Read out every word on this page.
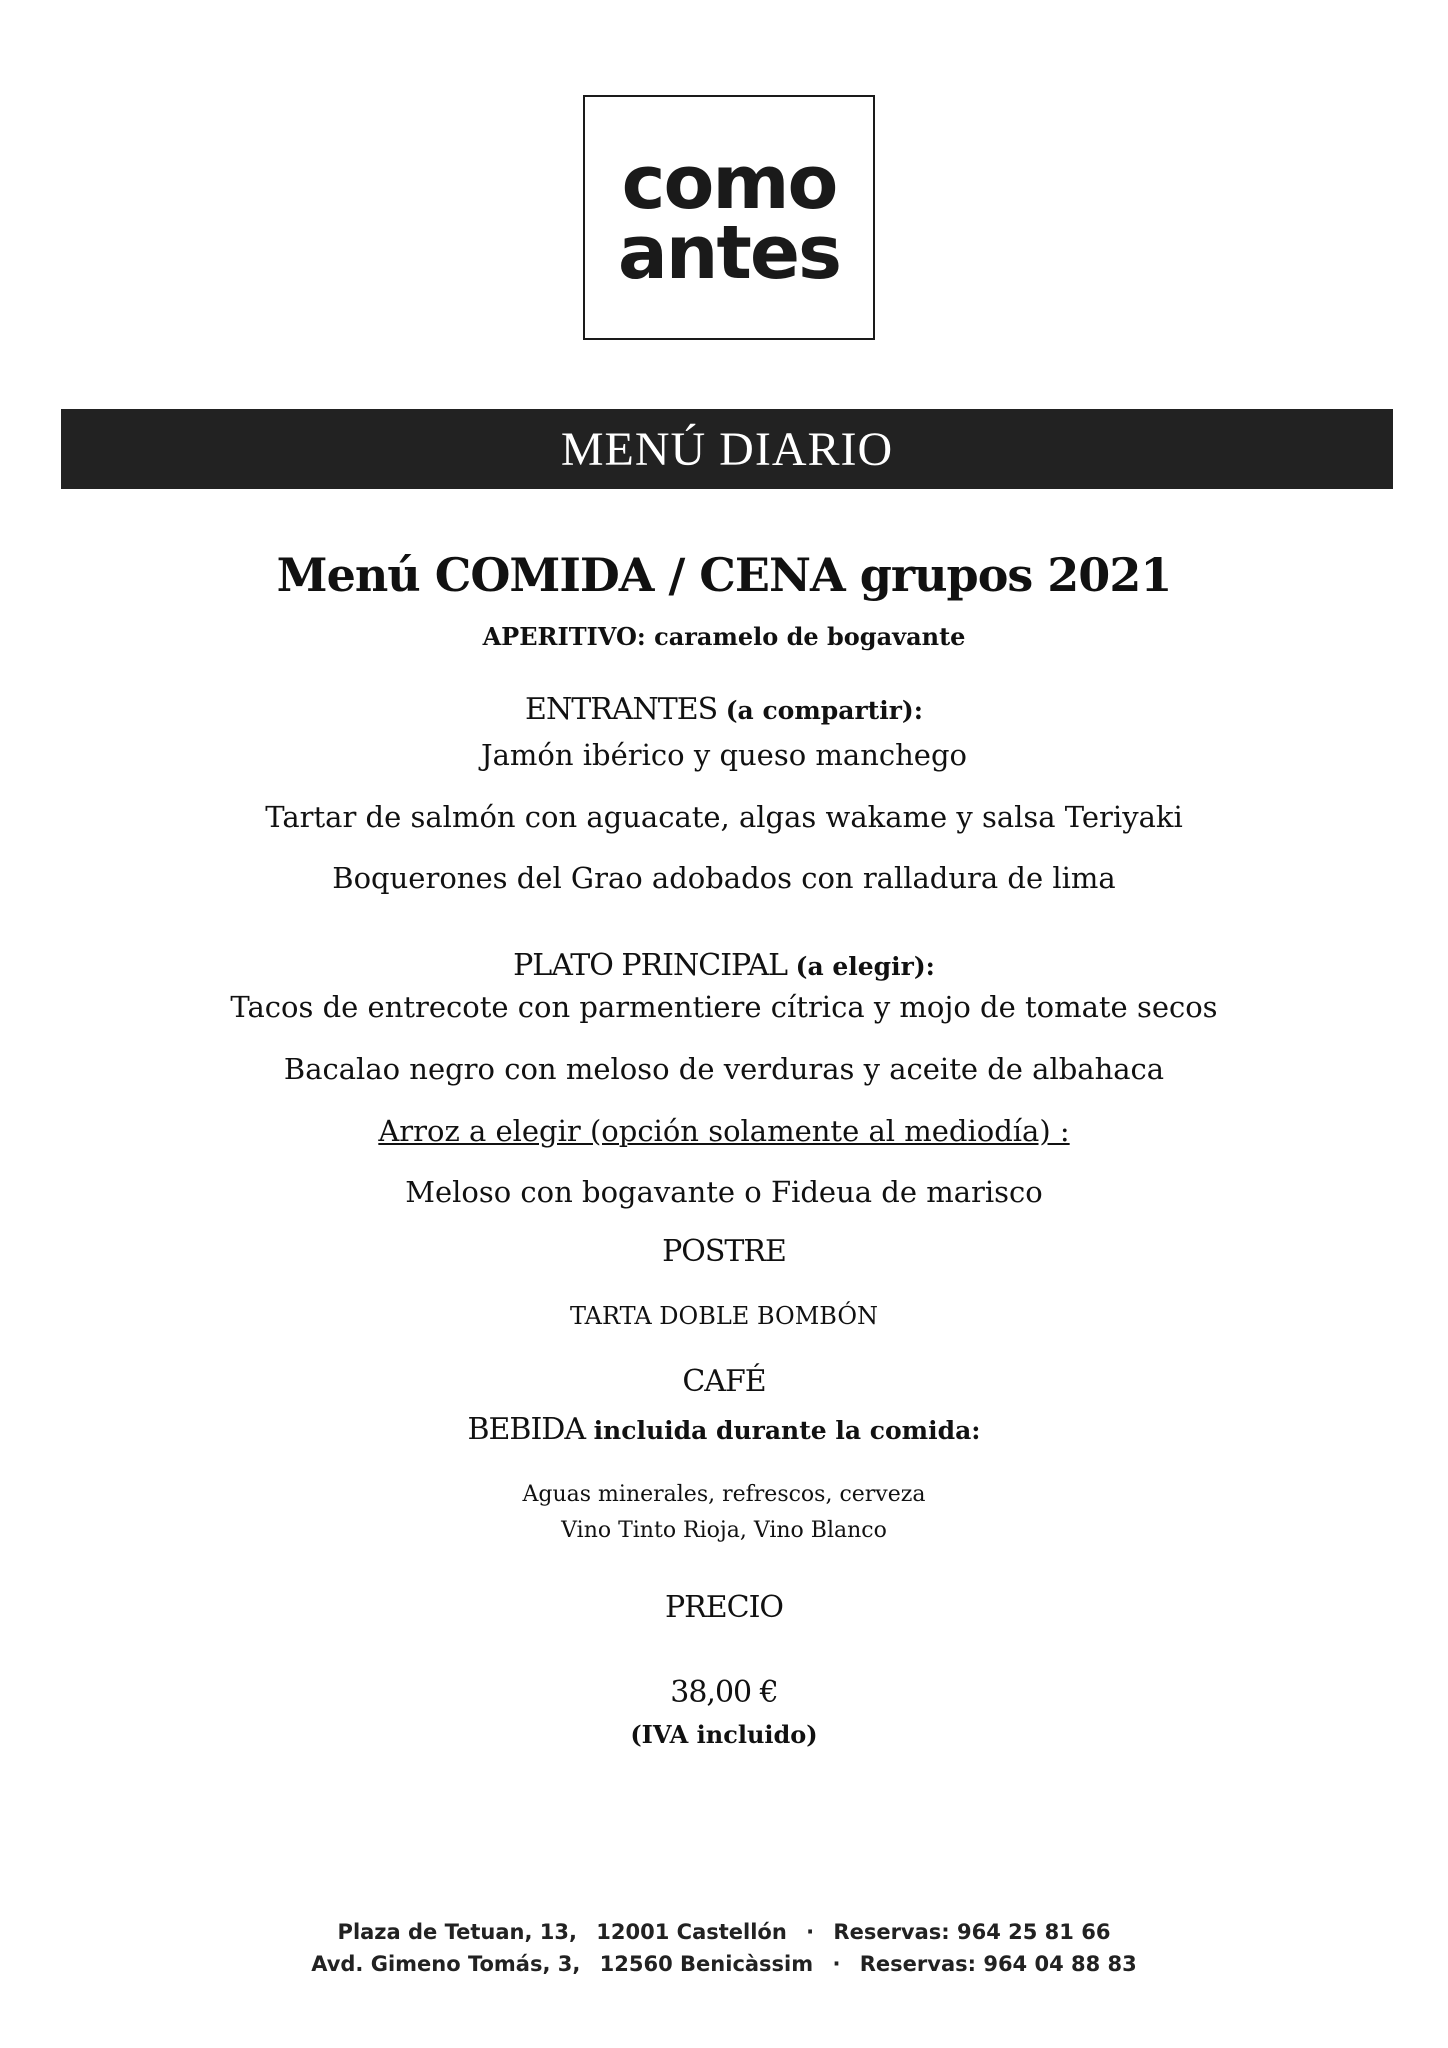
como
antes
MENÚ DIARIO
Menú COMIDA / CENA grupos 2021
APERITIVO: caramelo de bogavante
ENTRANTES (a compartir):
Jamón ibérico y queso manchego
Tartar de salmón con aguacate, algas wakame y salsa Teriyaki
Boquerones del Grao adobados con ralladura de lima
PLATO PRINCIPAL (a elegir):
Tacos de entrecote con parmentiere cítrica y mojo de tomate secos
Bacalao negro con meloso de verduras y aceite de albahaca
Arroz a elegir (opción solamente al mediodía) :
Meloso con bogavante o Fideua de marisco
POSTRE
TARTA DOBLE BOMBÓN
CAFÉ
BEBIDA incluida durante la comida:
Aguas minerales, refrescos, cerveza
Vino Tinto Rioja, Vino Blanco
PRECIO
38,00 €
(IVA incluido)
Plaza de Tetuan, 13, 12001 Castellón · Reservas: 964 25 81 66
Avd. Gimeno Tomás, 3, 12560 Benicàssim · Reservas: 964 04 88 83
